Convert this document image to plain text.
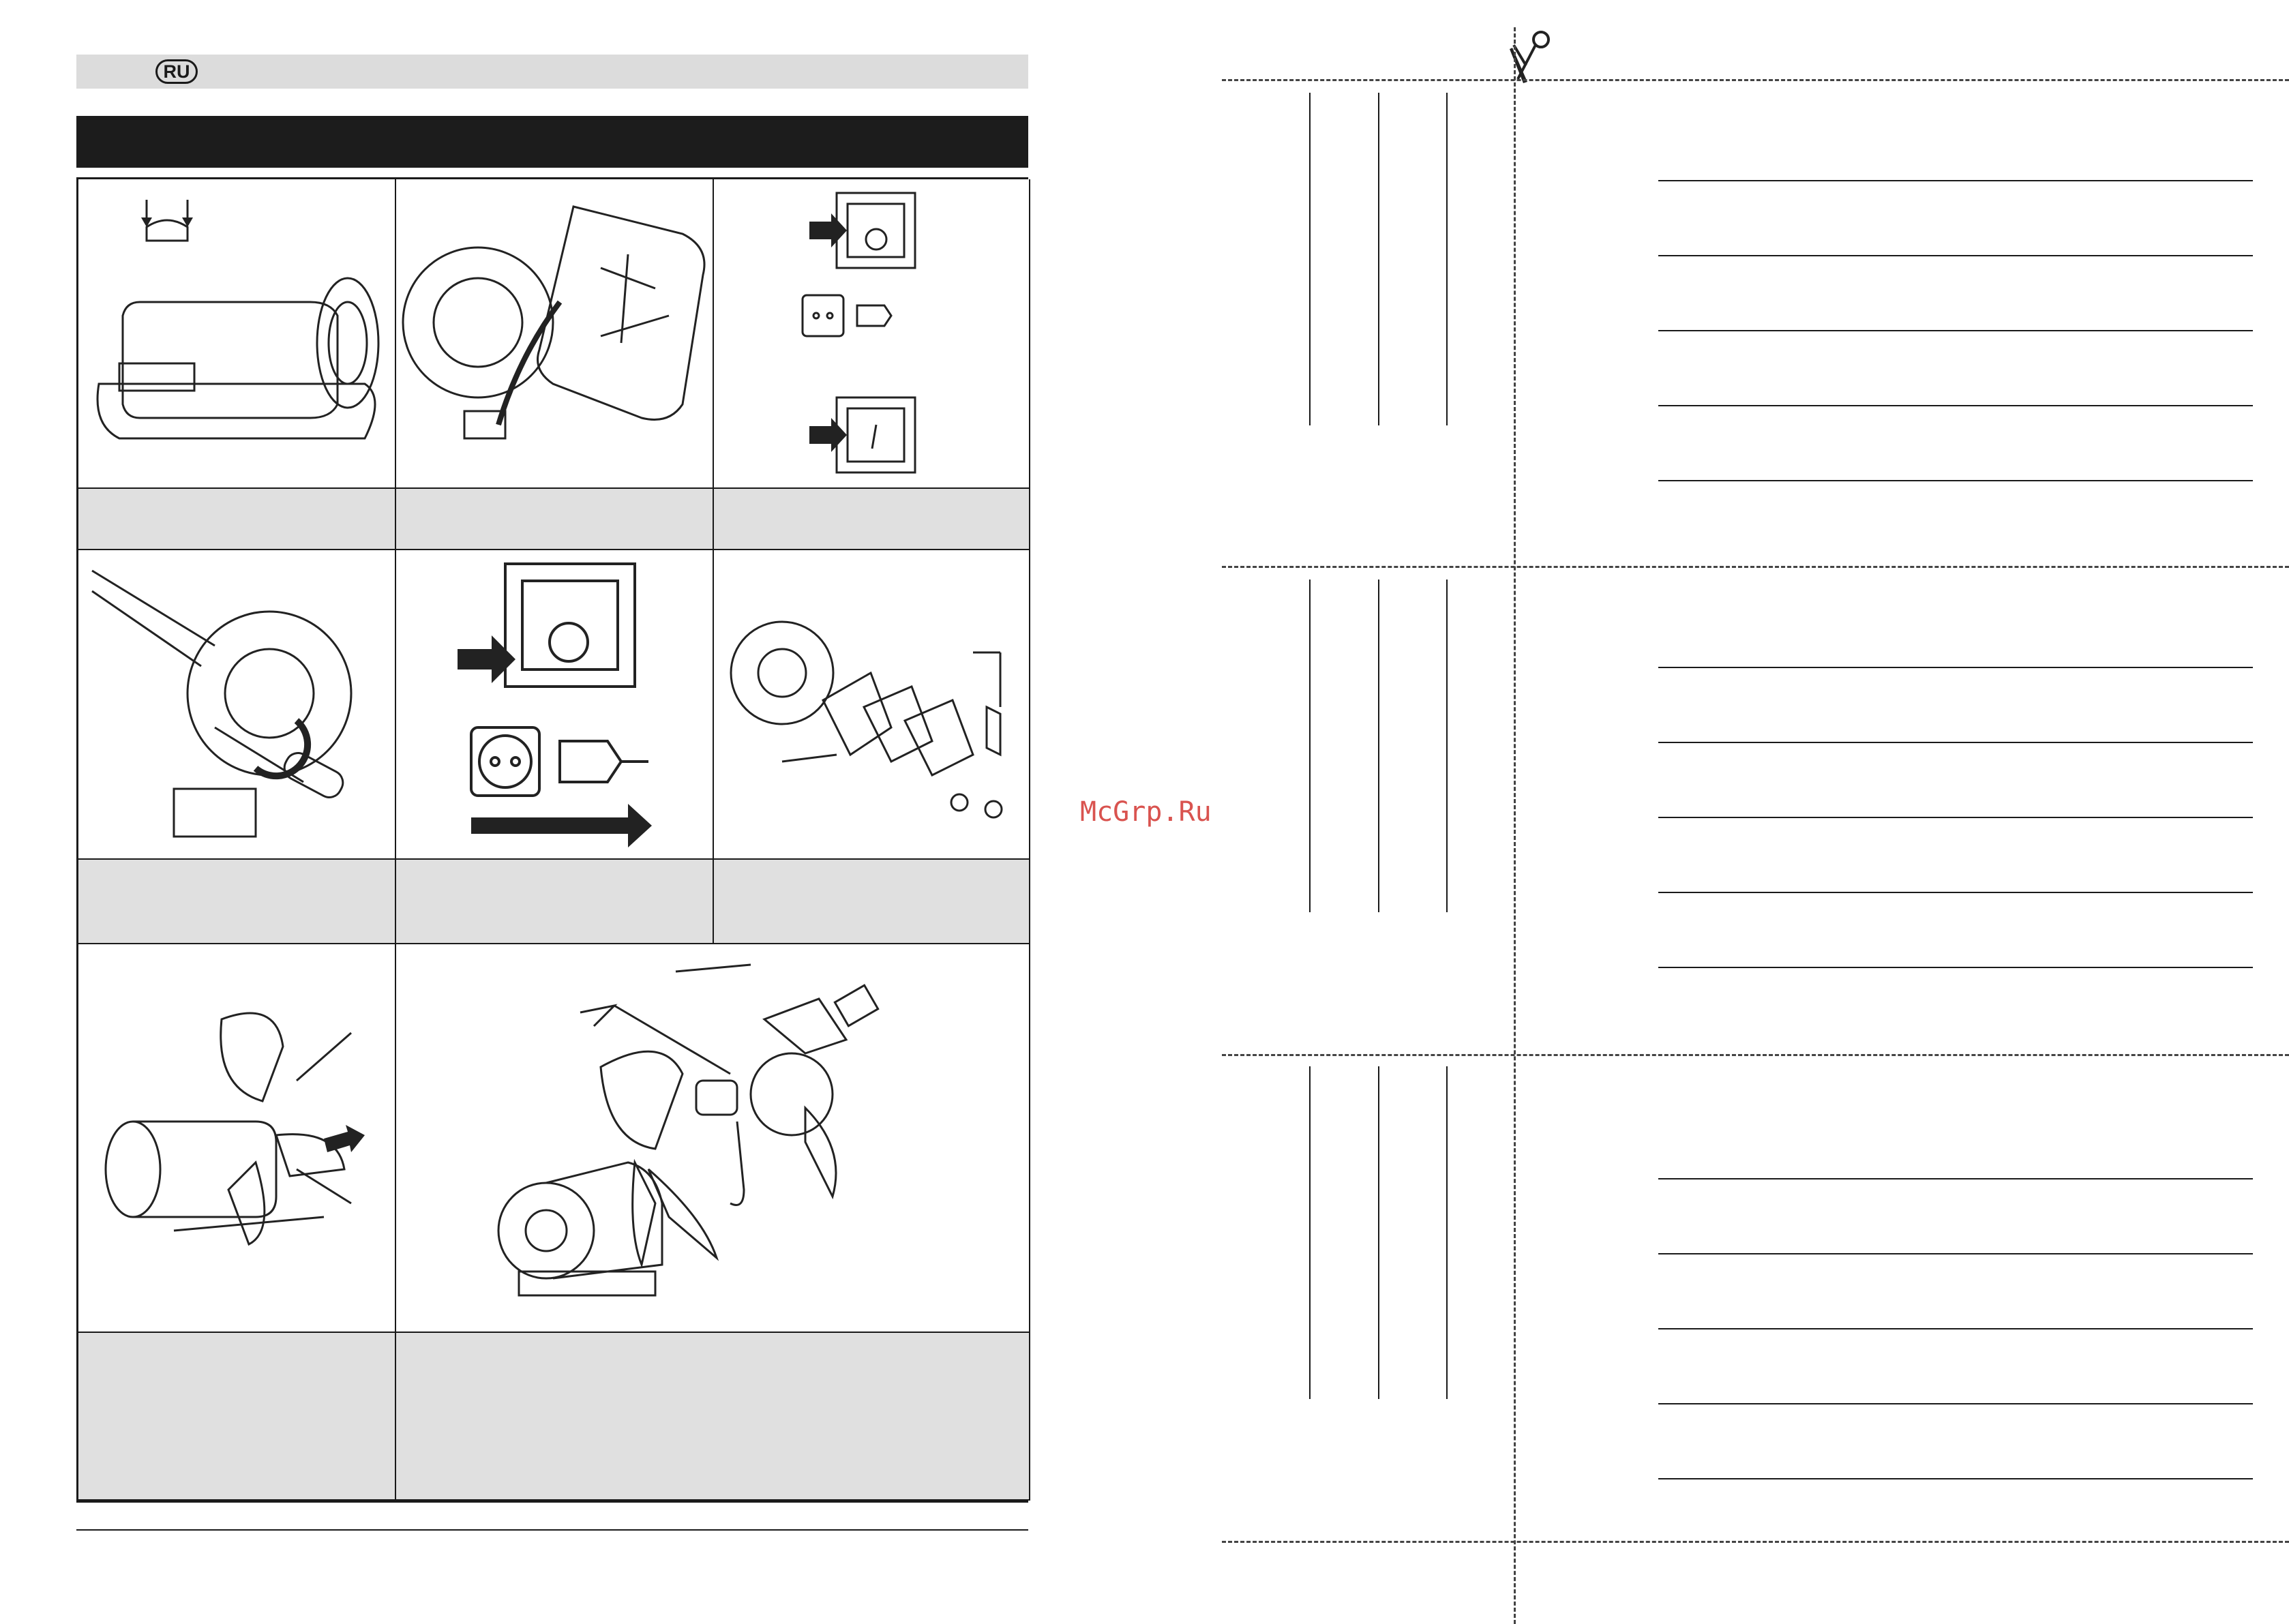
RU
McGrp.Ru
